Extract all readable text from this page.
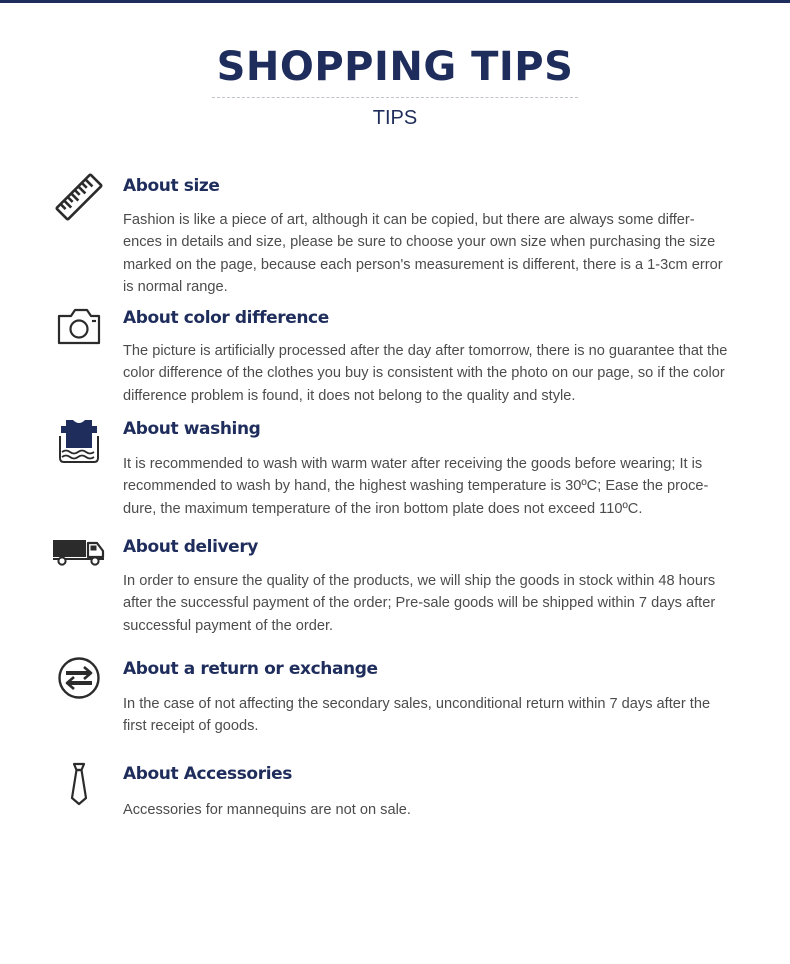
SHOPPING TIPS
TIPS
About size

Fashion is like a piece of art, although it can be copied, but there are always some differ-ences in details and size, please be sure to choose your own size when purchasing the size marked on the page, because each person's measurement is different, there is a 1-3cm error is normal range.

About color difference

The picture is artificially processed after the day after tomorrow, there is no guarantee that the color difference of the clothes you buy is consistent with the photo on our page, so if the color difference problem is found, it does not belong to the quality and style.

About washing

It is recommended to wash with warm water after receiving the goods before wearing; It is recommended to wash by hand, the highest washing temperature is 30ºC; Ease the proce-dure, the maximum temperature of the iron bottom plate does not exceed 110ºC.

About delivery

In order to ensure the quality of the products, we will ship the goods in stock within 48 hours after the successful payment of the order; Pre-sale goods will be shipped within 7 days after successful payment of the order.

About a return or exchange

In the case of not affecting the secondary sales, unconditional return within 7 days after the first receipt of goods.

About Accessories

Accessories for mannequins are not on sale.
